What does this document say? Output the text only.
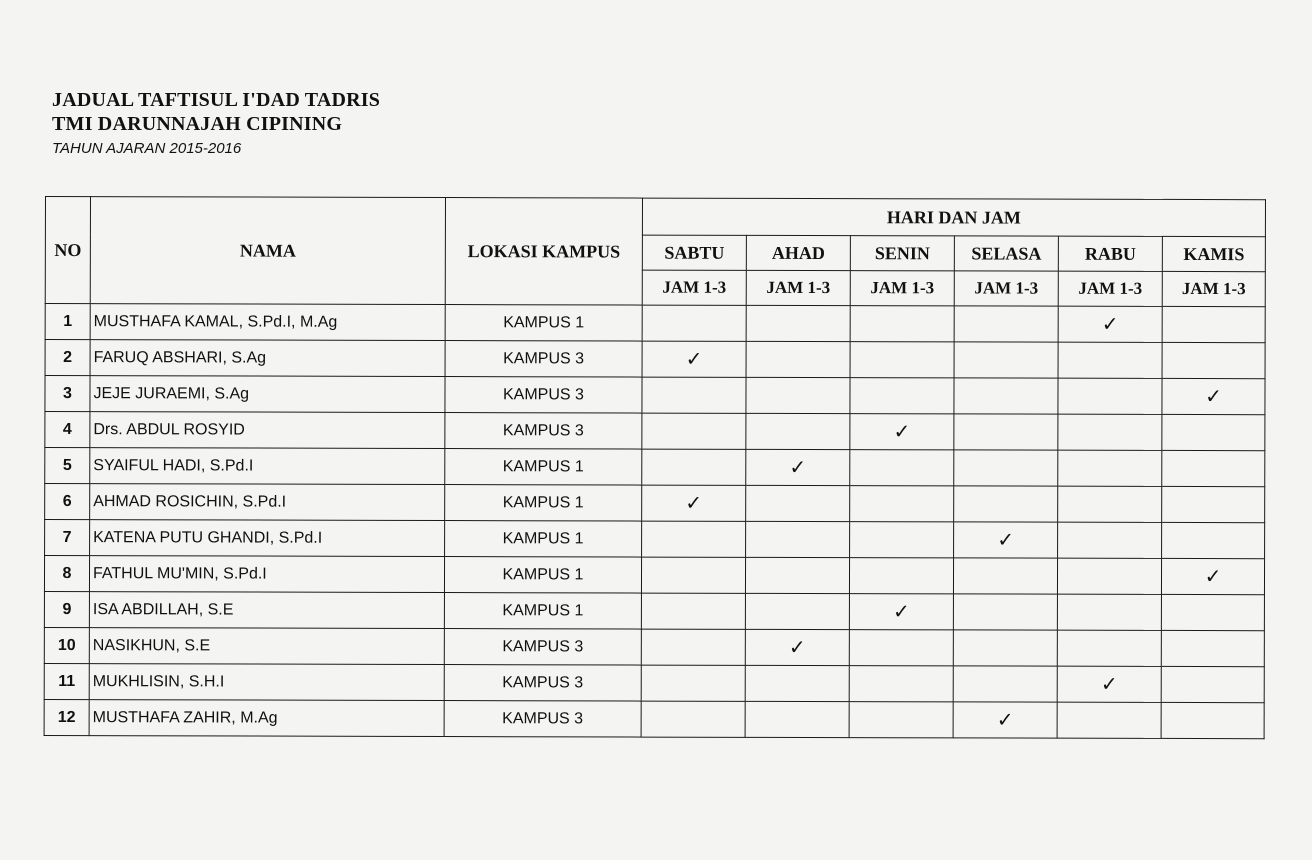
JADUAL TAFTISUL I'DAD TADRIS
TMI DARUNNAJAH CIPINING
TAHUN AJARAN 2015-2016
NO	NAMA	LOKASI KAMPUS	HARI DAN JAM					
			SABTU	AHAD	SENIN	SELASA	RABU	KAMIS
			JAM 1-3	JAM 1-3	JAM 1-3	JAM 1-3	JAM 1-3	JAM 1-3
1	MUSTHAFA KAMAL, S.Pd.I, M.Ag	KAMPUS 1					✓	
2	FARUQ ABSHARI, S.Ag	KAMPUS 3	✓					
3	JEJE JURAEMI, S.Ag	KAMPUS 3						✓
4	Drs. ABDUL ROSYID	KAMPUS 3			✓			
5	SYAIFUL HADI, S.Pd.I	KAMPUS 1		✓				
6	AHMAD ROSICHIN, S.Pd.I	KAMPUS 1	✓					
7	KATENA PUTU GHANDI, S.Pd.I	KAMPUS 1				✓		
8	FATHUL MU'MIN, S.Pd.I	KAMPUS 1						✓
9	ISA ABDILLAH, S.E	KAMPUS 1			✓			
10	NASIKHUN, S.E	KAMPUS 3		✓				
11	MUKHLISIN, S.H.I	KAMPUS 3					✓	
12	MUSTHAFA ZAHIR, M.Ag	KAMPUS 3				✓		
